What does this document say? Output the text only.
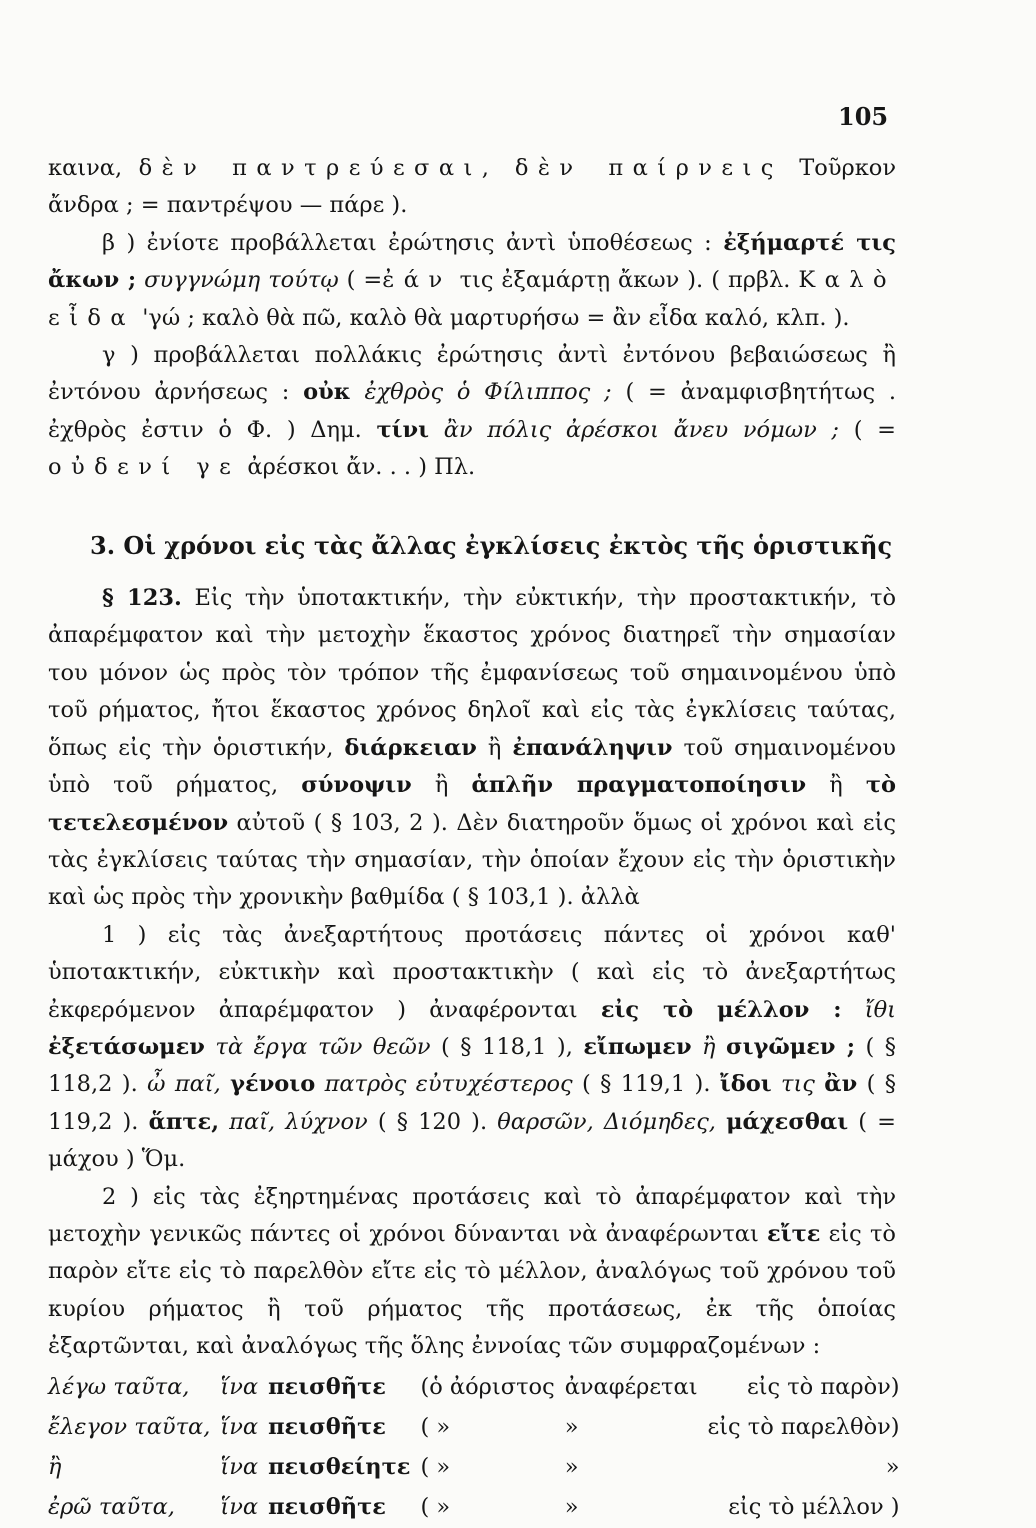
105

καινα, δὲν παντρεύεσαι, δὲν παίρνεις Τοῦρκον ἄνδρα ; = παντρέψου — πάρε ).

β ) ἐνίοτε προβάλλεται ἐρώτησις ἀντὶ ὑποθέσεως : ἐξήμαρτέ τις ἄκων ; συγγνώμη τούτῳ ( =ἐάν τις ἐξαμάρτῃ ἄκων ). ( πρβλ. Καλὸ εἶδα 'γώ ; καλὸ θὰ πῶ, καλὸ θὰ μαρτυρήσω = ἂν εἶδα καλό, κλπ. ).

γ ) προβάλλεται πολλάκις ἐρώτησις ἀντὶ ἐντόνου βεβαιώσεως ἢ ἐντόνου ἀρνήσεως : οὐκ ἐχθρὸς ὁ Φίλιππος ; ( = ἀναμφισβητήτως . ἐχθρὸς ἐστιν ὁ Φ. ) Δημ. τίνι ἂν πόλις ἀρέσκοι ἄνευ νόμων ; ( = οὐδενί γε ἀρέσκοι ἄν. . . ) Πλ.

3. Οἱ χρόνοι εἰς τὰς ἄλλας ἐγκλίσεις ἐκτὸς τῆς ὁριστικῆς

§ 123. Εἰς τὴν ὑποτακτικήν, τὴν εὐκτικήν, τὴν προστακτικήν, τὸ ἀπαρέμφατον καὶ τὴν μετοχὴν ἕκαστος χρόνος διατηρεῖ τὴν σημασίαν του μόνον ὡς πρὸς τὸν τρόπον τῆς ἐμφανίσεως τοῦ σημαινομένου ὑπὸ τοῦ ρήματος, ἤτοι ἕκαστος χρόνος δηλοῖ καὶ εἰς τὰς ἐγκλίσεις ταύτας, ὅπως εἰς τὴν ὁριστικήν, διάρκειαν ἢ ἐπανάληψιν τοῦ σημαινομένου ὑπὸ τοῦ ρήματος, σύνοψιν ἢ ἁπλῆν πραγματοποίησιν ἢ τὸ τετελεσμένον αὐτοῦ ( § 103, 2 ). Δὲν διατηροῦν ὅμως οἱ χρόνοι καὶ εἰς τὰς ἐγκλίσεις ταύτας τὴν σημασίαν, τὴν ὁποίαν ἔχουν εἰς τὴν ὁριστικὴν καὶ ὡς πρὸς τὴν χρονικὴν βαθμίδα ( § 103,1 ). ἀλλὰ

1 ) εἰς τὰς ἀνεξαρτήτους προτάσεις πάντες οἱ χρόνοι καθ' ὑποτακτικήν, εὐκτικὴν καὶ προστακτικὴν ( καὶ εἰς τὸ ἀνεξαρτήτως ἐκφερόμενον ἀπαρέμφατον ) ἀναφέρονται εἰς τὸ μέλλον : ἴθι ἐξετάσωμεν τὰ ἔργα τῶν θεῶν ( § 118,1 ), εἴπωμεν ἢ σιγῶμεν ; ( § 118,2 ). ὦ παῖ, γένοιο πατρὸς εὐτυχέστερος ( § 119,1 ). ἴδοι τις ἂν ( § 119,2 ). ἅπτε, παῖ, λύχνον ( § 120 ). θαρσῶν, Διόμηδες, μάχεσθαι ( = μάχου ) Ὅμ.

2 ) εἰς τὰς ἐξηρτημένας προτάσεις καὶ τὸ ἀπαρέμφατον καὶ τὴν μετοχὴν γενικῶς πάντες οἱ χρόνοι δύνανται νὰ ἀναφέρωνται εἴτε εἰς τὸ παρὸν εἴτε εἰς τὸ παρελθὸν εἴτε εἰς τὸ μέλλον, ἀναλόγως τοῦ χρόνου τοῦ κυρίου ρήματος ἢ τοῦ ρήματος τῆς προτάσεως, ἐκ τῆς ὁποίας ἐξαρτῶνται, καὶ ἀναλόγως τῆς ὅλης ἐννοίας τῶν συμφραζομένων :

λέγω ταῦτα,	ἵνα	πεισθῆτε	(ὁ ἀόριστος	ἀναφέρεται	εἰς τὸ παρὸν)
ἔλεγον ταῦτα,	ἵνα	πεισθῆτε	( »	»	εἰς τὸ παρελθὸν)
ἢ	ἵνα	πεισθείητε	( »	»	»
ἐρῶ ταῦτα,	ἵνα	πεισθῆτε	( »	»	εἰς τὸ μέλλον )
